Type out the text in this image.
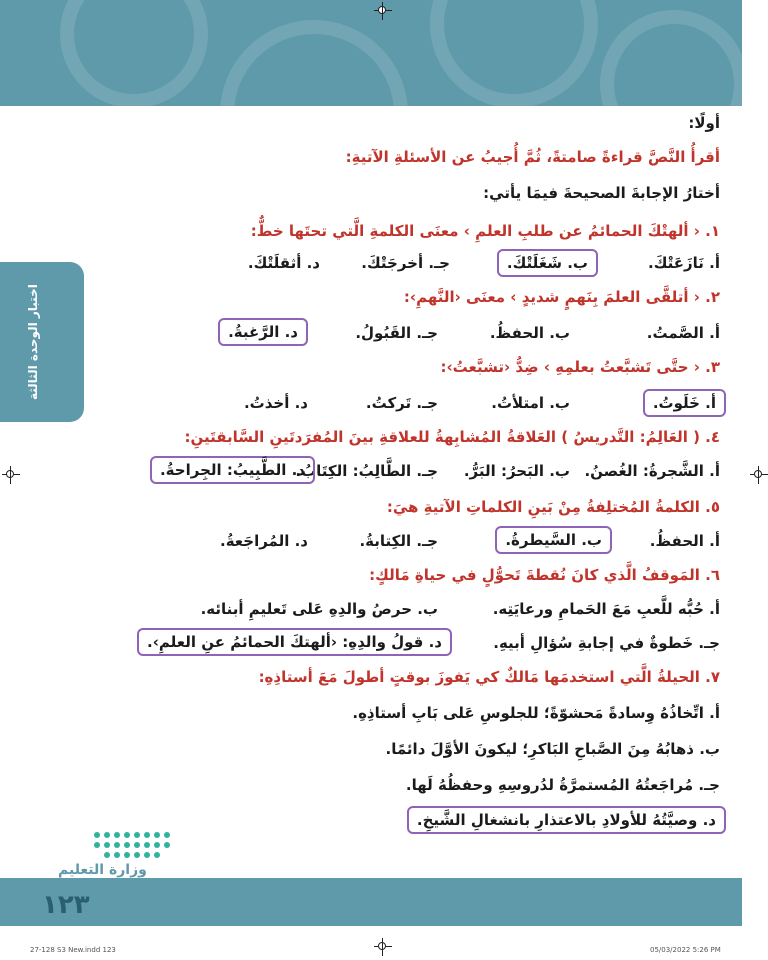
اختبار الوحدة الثالثة
أولًا:
أقرأُ النَّصَّ قراءةً صامتةً، ثُمَّ أُجيبُ عن الأسئلةِ الآتيةِ:
أختارُ الإجابةَ الصحيحةَ فيمَا يأتي:
١. ‹ ألهتْكَ الحمائمُ عن طلبِ العلمِ › معنَى الكلمةِ الَّتي تحتَها خطٌّ:
أ. نَازَعَتْكَ.
ب. شَغَلَتْكَ.
جـ. أخرجَتْكَ.
د. أثقلَتْكَ.
٢. ‹ أتلقَّى العلمَ بِنَهمٍ شديدٍ › معنَى ‹النَّهمِ›:
أ. الصَّمتُ.
ب. الحفظُ.
جـ. القَبُولُ.
د. الرَّغبةُ.
٣. ‹ حتَّى تَشبَّعتُ بعلمِهِ › ضِدُّ ‹تشبَّعتُ›:
أ. خَلَوتُ.
ب. امتلأتُ.
جـ. تَركتُ.
د. أخذتُ.
٤. ( العَالِمُ: التَّدريسُ ) العَلاقةُ المُشابِهةُ للعلاقةِ بينَ المُفرَدتَينِ السَّابقتَينِ:
أ. الشَّجرةُ: الغُصنُ.
ب. البَحرُ: البَرُّ.
جـ. الطَّالِبُ: الكِتَابُ.
د. الطَّبِيبُ: الجِراحةُ.
٥. الكلمةُ المُختلِفةُ مِنْ بَينِ الكلماتِ الآتيةِ هيَ:
أ. الحفظُ.
ب. السَّيطرةُ.
جـ. الكِتابةُ.
د. المُراجَعةُ.
٦. المَوقفُ الَّذي كانَ نُقطةَ تَحوُّلٍ في حياةِ مَالكٍ:
أ. حُبُّه للَّعبِ مَعَ الحَمامِ ورعايَتِه.
ب. حرصُ والدِهِ عَلى تَعليمِ أبنائه.
جـ. خَطوةٌ في إجابةِ سُؤالِ أبيهِ.
د. قولُ والدِهِ: ‹ألهتكَ الحمائمُ عنِ العلمِ›.
٧. الحيلةُ الَّتي استخدمَها مَالكٌ كي يَفوزَ بوقتٍ أطولَ مَعَ أستاذِهِ:
أ. اتِّخاذُهُ وِسادةً مَحشوّةً؛ للجلوسِ عَلى بَابِ أستاذِهِ.
ب. ذهابُهُ مِنَ الصَّباحِ البَاكرِ؛ ليكونَ الأوَّلَ دائمًا.
جـ. مُراجَعتُهُ المُستمرَّةُ لدُروسِهِ وحفظُهُ لَها.
د. وصيَّتُهُ للأولادِ بالاعتذارِ بانشغالِ الشَّيخِ.
وزارة التعليم
١٢٣
27-128 S3 New.indd 123	05/03/2022 5:26 PM
